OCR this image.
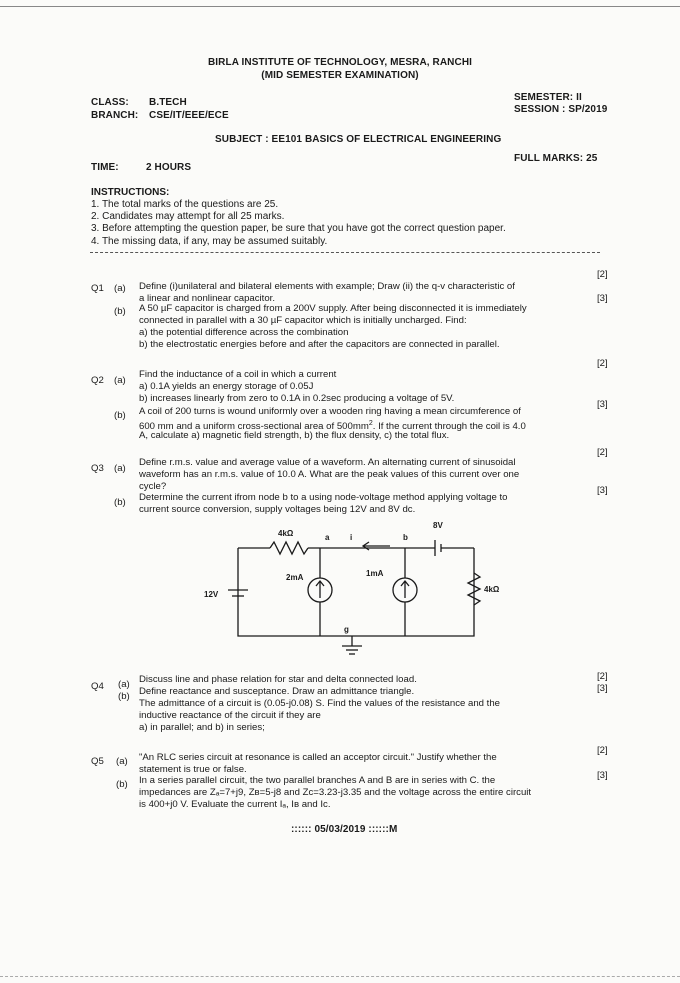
BIRLA INSTITUTE OF TECHNOLOGY, MESRA, RANCHI
(MID SEMESTER EXAMINATION)
CLASS: B.TECH
BRANCH: CSE/IT/EEE/ECE
SEMESTER: II
SESSION : SP/2019
SUBJECT : EE101 BASICS OF ELECTRICAL ENGINEERING
TIME:	2 HOURS
FULL MARKS: 25
INSTRUCTIONS:
1. The total marks of the questions are 25.
2. Candidates may attempt for all 25 marks.
3. Before attempting the question paper, be sure that you have got the correct question paper.
4. The missing data, if any, may be assumed suitably.
Q1 (a) Define (i)unilateral and bilateral elements with example; Draw (ii) the q-v characteristic of
a linear and nonlinear capacitor.
[2]
(b) A 50 µF capacitor is charged from a 200V supply. After being disconnected it is immediately
connected in parallel with a 30 µF capacitor which is initially uncharged. Find:
a) the potential difference across the combination
b) the electrostatic energies before and after the capacitors are connected in parallel.
[3]
Q2 (a)
Find the inductance of a coil in which a current
a) 0.1A yields an energy storage of 0.05J
b) increases linearly from zero to 0.1A in 0.2sec producing a voltage of 5V.
[2]
(b) A coil of 200 turns is wound uniformly over a wooden ring having a mean circumference of
600 mm and a uniform cross-sectional area of $500mm^2$. If the current through the coil is 4.0
A, calculate a) magnetic field strength, b) the flux density, c) the total flux.
[3]
Q3 (a)
Define r.m.s. value and average value of a waveform. An alternating current of sinusoidal
waveform has an r.m.s. value of 10.0 A. What are the peak values of this current over one
cycle?
[2]
(b) Determine the current ifrom node b to a using node-voltage method applying voltage to
current source conversion, supply voltages being 12V and 8V dc.
[3]
4kΩ	a	i	b
8V
12V
2mA	1mA
4kΩ
g
Q4 (a) Discuss line and phase relation for star and delta connected load.	[2]
(b) Define reactance and susceptance. Draw an admittance triangle.
The admittance of a circuit is (0.05-j0.08) S. Find the values of the resistance and the
inductive reactance of the circuit if they are
a) in parallel; and b) in series;
[3]
Q5 (a) "An RLC series circuit at resonance is called an acceptor circuit." Justify whether the
statement is true or false.
[2]
(b) In a series parallel circuit, the two parallel branches A and B are in series with C. the
impedances are Zₐ=7+j9, Zʙ=5-j8 and Zᴄ=3.23-j3.35 and the voltage across the entire circuit
is 400+j0 V. Evaluate the current Iₐ, Iʙ and Iᴄ.
[3]
:::::: 05/03/2019 ::::::M
